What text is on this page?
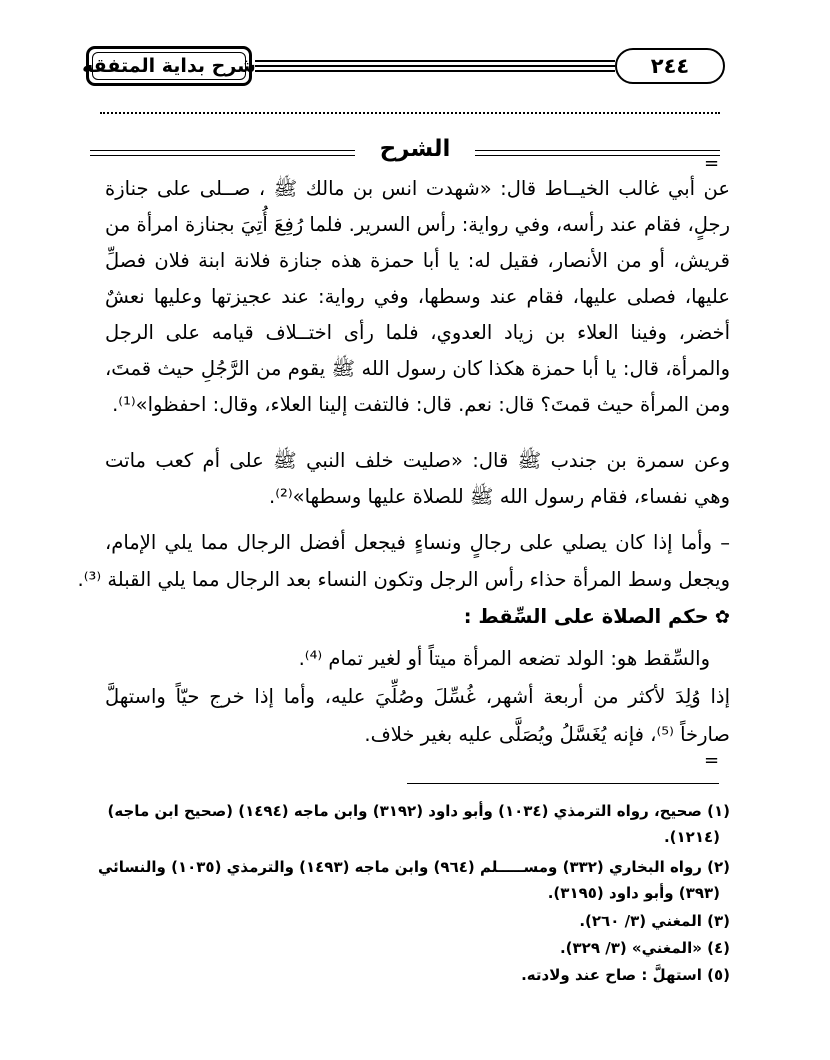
شرح بداية المتفقه	٢٤٤
الشرح
=
عن أبي غالب الخيــاط قال: «شهدت انس بن مالك ﷺ ، صــلى على جنازة
رجلٍ، فقام عند رأسه، وفي رواية: رأس السرير. فلما رُفِعَ أُتِيَ بجنازة امرأة من
قريش، أو من الأنصار، فقيل له: يا أبا حمزة هذه جنازة فلانة ابنة فلان فصلِّ
عليها، فصلى عليها، فقام عند وسطها، وفي رواية: عند عجيزتها وعليها نعشٌ
أخضر، وفينا العلاء بن زياد العدوي، فلما رأى اختــلاف قيامه على الرجل
والمرأة، قال: يا أبا حمزة هكذا كان رسول الله ﷺ يقوم من الرَّجُلِ حيث قمتَ،
ومن المرأة حيث قمتَ؟ قال: نعم. قال: فالتفت إلينا العلاء، وقال: احفظوا»⁽¹⁾.
وعن سمرة بن جندب ﷺ قال: «صليت خلف النبي ﷺ على أم كعب ماتت
وهي نفساء، فقام رسول الله ﷺ للصلاة عليها وسطها»⁽²⁾.
– وأما إذا كان يصلي على رجالٍ ونساءٍ فيجعل أفضل الرجال مما يلي الإمام،
ويجعل وسط المرأة حذاء رأس الرجل وتكون النساء بعد الرجال مما يلي القبلة ⁽³⁾.
✿ حكم الصلاة على السِّقط :
والسِّقط هو: الولد تضعه المرأة ميتاً أو لغير تمام ⁽⁴⁾.
إذا وُلِدَ لأكثر من أربعة أشهر، غُسِّلَ وصُلِّيَ عليه، وأما إذا خرج حيّاً واستهلَّ
صارخاً ⁽⁵⁾، فإنه يُغَسَّلُ ويُصَلَّى عليه بغير خلاف.
=
(١) صحيح، رواه الترمذي (١٠٣٤) وأبو داود (٣١٩٢) وابن ماجه (١٤٩٤) (صحيح ابن ماجه)
(١٢١٤).
(٢) رواه البخاري (٣٣٢) ومســـــلم (٩٦٤) وابن ماجه (١٤٩٣) والترمذي (١٠٣٥) والنسائي
(٣٩٣) وأبو داود (٣١٩٥).
(٣) المغني (٣/ ٢٦٠).
(٤) «المغني» (٣/ ٣٢٩).
(٥) استهلَّ : صاح عند ولادته.
